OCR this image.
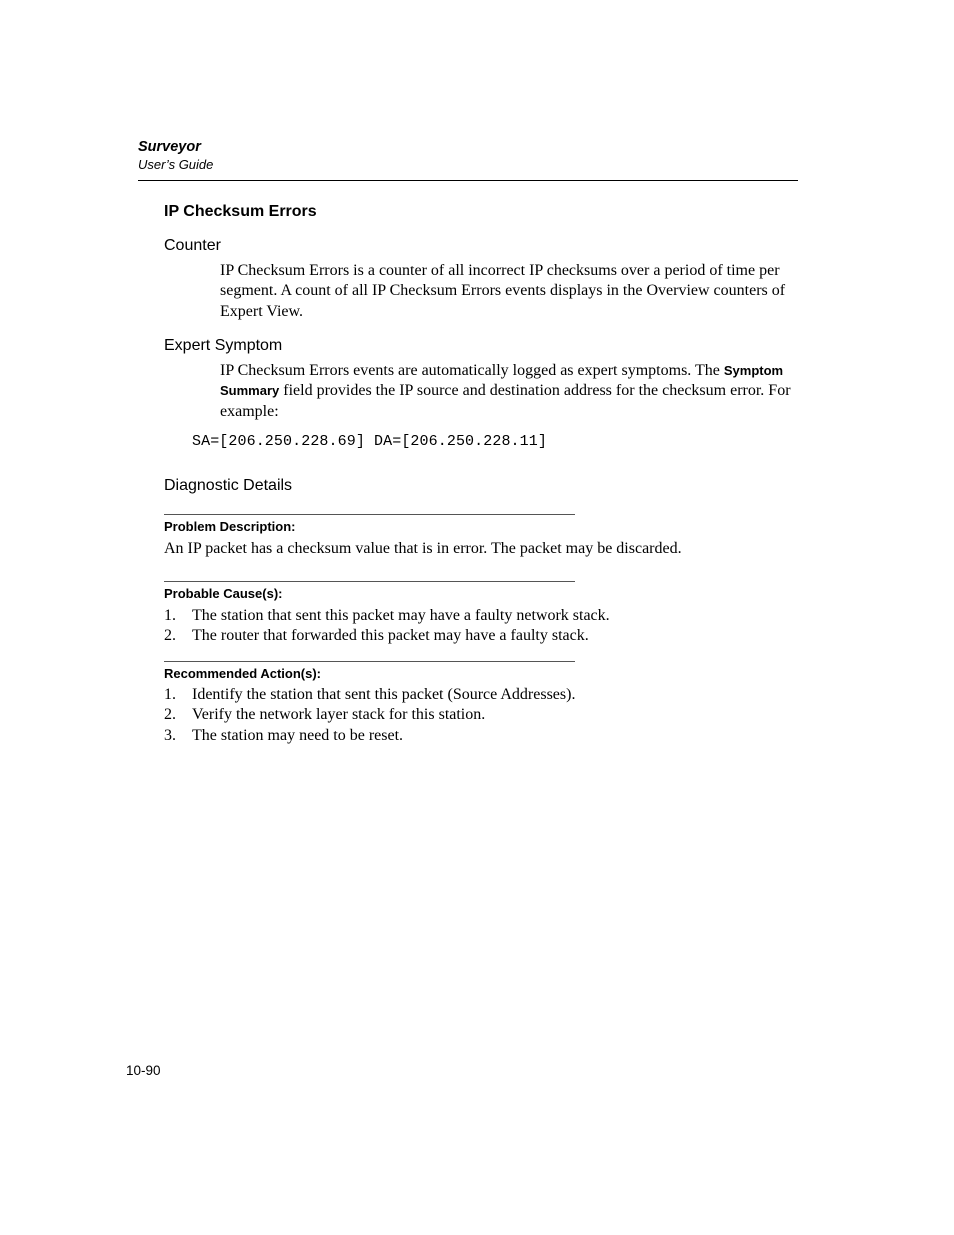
Surveyor
User’s Guide
IP Checksum Errors
Counter
IP Checksum Errors is a counter of all incorrect IP checksums over a period of time per segment. A count of all IP Checksum Errors events displays in the Overview counters of Expert View.
Expert Symptom
IP Checksum Errors events are automatically logged as expert symptoms. The Symptom Summary field provides the IP source and destination address for the checksum error. For example:
SA=[206.250.228.69] DA=[206.250.228.11]
Diagnostic Details
Problem Description:
An IP packet has a checksum value that is in error. The packet may be discarded.
Probable Cause(s):
1. The station that sent this packet may have a faulty network stack.
2. The router that forwarded this packet may have a faulty stack.
Recommended Action(s):
1. Identify the station that sent this packet (Source Addresses).
2. Verify the network layer stack for this station.
3. The station may need to be reset.
10-90
